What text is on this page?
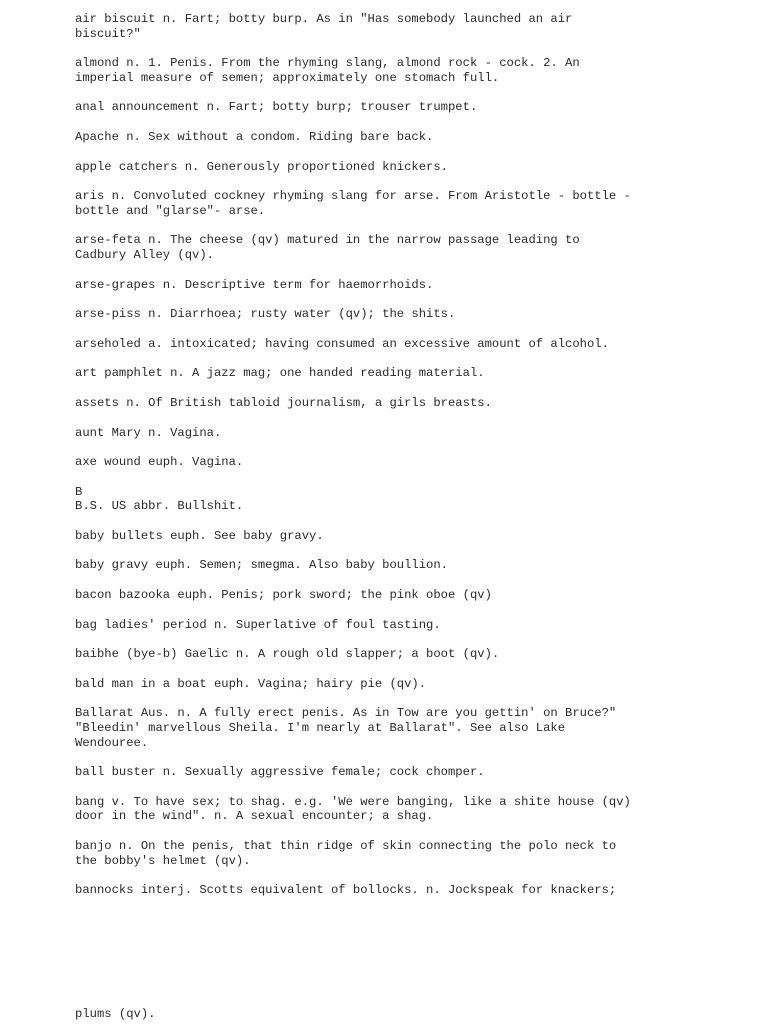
air biscuit n. Fart; botty burp. As in "Has somebody launched an air
biscuit?"
almond n. 1. Penis. From the rhyming slang, almond rock - cock. 2. An
imperial measure of semen; approximately one stomach full.
anal announcement n. Fart; botty burp; trouser trumpet.
Apache n. Sex without a condom. Riding bare back.
apple catchers n. Generously proportioned knickers.
aris n. Convoluted cockney rhyming slang for arse. From Aristotle - bottle -
bottle and "glarse"- arse.
arse-feta n. The cheese (qv) matured in the narrow passage leading to
Cadbury Alley (qv).
arse-grapes n. Descriptive term for haemorrhoids.
arse-piss n. Diarrhoea; rusty water (qv); the shits.
arseholed a. intoxicated; having consumed an excessive amount of alcohol.
art pamphlet n. A jazz mag; one handed reading material.
assets n. Of British tabloid journalism, a girls breasts.
aunt Mary n. Vagina.
axe wound euph. Vagina.
B
B.S. US abbr. Bullshit.
baby bullets euph. See baby gravy.
baby gravy euph. Semen; smegma. Also baby boullion.
bacon bazooka euph. Penis; pork sword; the pink oboe (qv)
bag ladies' period n. Superlative of foul tasting.
baibhe (bye-b) Gaelic n. A rough old slapper; a boot (qv).
bald man in a boat euph. Vagina; hairy pie (qv).
Ballarat Aus. n. A fully erect penis. As in Tow are you gettin' on Bruce?"
"Bleedin' marvellous Sheila. I'm nearly at Ballarat". See also Lake
Wendouree.
ball buster n. Sexually aggressive female; cock chomper.
bang v. To have sex; to shag. e.g. 'We were banging, like a shite house (qv)
door in the wind". n. A sexual encounter; a shag.
banjo n. On the penis, that thin ridge of skin connecting the polo neck to
the bobby's helmet (qv).
bannocks interj. Scotts equivalent of bollocks. n. Jockspeak for knackers;
plums (qv).
